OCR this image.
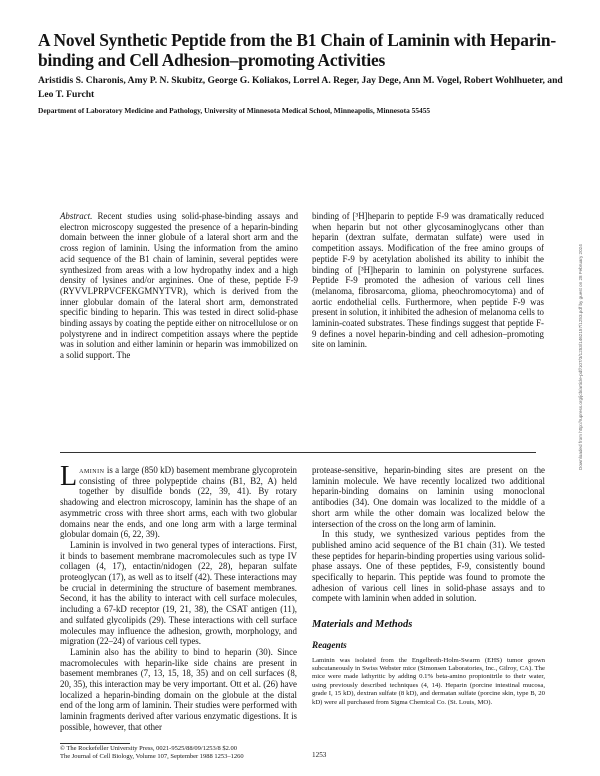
A Novel Synthetic Peptide from the B1 Chain of Laminin with Heparin-binding and Cell Adhesion–promoting Activities
Aristidis S. Charonis, Amy P. N. Skubitz, George G. Koliakos, Lorrel A. Reger, Jay Dege, Ann M. Vogel, Robert Wohlhueter, and Leo T. Furcht
Department of Laboratory Medicine and Pathology, University of Minnesota Medical School, Minneapolis, Minnesota 55455

Abstract. Recent studies using solid-phase-binding assays and electron microscopy suggested the presence of a heparin-binding domain between the inner globule of a lateral short arm and the cross region of laminin. Using the information from the amino acid sequence of the B1 chain of laminin, several peptides were synthesized from areas with a low hydropathy index and a high density of lysines and/or arginines. One of these, peptide F-9 (RYVVLPRPVCFEKGMNYTVR), which is derived from the inner globular domain of the lateral short arm, demonstrated specific binding to heparin. This was tested in direct solid-phase binding assays by coating the peptide either on nitrocellulose or on polystyrene and in indirect competition assays where the peptide was in solution and either laminin or heparin was immobilized on a solid support. The

binding of [³H]heparin to peptide F-9 was dramatically reduced when heparin but not other glycosaminoglycans other than heparin (dextran sulfate, dermatan sulfate) were used in competition assays. Modification of the free amino groups of peptide F-9 by acetylation abolished its ability to inhibit the binding of [³H]heparin to laminin on polystyrene surfaces. Peptide F-9 promoted the adhesion of various cell lines (melanoma, fibrosarcoma, glioma, pheochromocytoma) and of aortic endothelial cells. Furthermore, when peptide F-9 was present in solution, it inhibited the adhesion of melanoma cells to laminin-coated substrates. These findings suggest that peptide F-9 defines a novel heparin-binding and cell adhesion–promoting site on laminin.

Laminin is a large (850 kD) basement membrane glycoprotein consisting of three polypeptide chains (B1, B2, A) held together by disulfide bonds (22, 39, 41). By rotary shadowing and electron microscopy, laminin has the shape of an asymmetric cross with three short arms, each with two globular domains near the ends, and one long arm with a large terminal globular domain (6, 22, 39).

Laminin is involved in two general types of interactions. First, it binds to basement membrane macromolecules such as type IV collagen (4, 17), entactin/nidogen (22, 28), heparan sulfate proteoglycan (17), as well as to itself (42). These interactions may be crucial in determining the structure of basement membranes. Second, it has the ability to interact with cell surface molecules, including a 67-kD receptor (19, 21, 38), the CSAT antigen (11), and sulfated glycolipids (29). These interactions with cell surface molecules may influence the adhesion, growth, morphology, and migration (22–24) of various cell types.

Laminin also has the ability to bind to heparin (30). Since macromolecules with heparin-like side chains are present in basement membranes (7, 13, 15, 18, 35) and on cell surfaces (8, 20, 35), this interaction may be very important. Ott et al. (26) have localized a heparin-binding domain on the globule at the distal end of the long arm of laminin. Their studies were performed with laminin fragments derived after various enzymatic digestions. It is possible, however, that other

protease-sensitive, heparin-binding sites are present on the laminin molecule. We have recently localized two additional heparin-binding domains on laminin using monoclonal antibodies (34). One domain was localized to the middle of a short arm while the other domain was localized below the intersection of the cross on the long arm of laminin.

In this study, we synthesized various peptides from the published amino acid sequence of the B1 chain (31). We tested these peptides for heparin-binding properties using various solid-phase assays. One of these peptides, F-9, consistently bound specifically to heparin. This peptide was found to promote the adhesion of various cell lines in solid-phase assays and to compete with laminin when added in solution.

Materials and Methods

Reagents

Laminin was isolated from the Engelbreth-Holm-Swarm (EHS) tumor grown subcutaneously in Swiss Webster mice (Simonsen Laboratories, Inc., Gilroy, CA). The mice were made lathyritic by adding 0.1% beta-amino propionitrile to their water, using previously described techniques (4, 14). Heparin (porcine intestinal mucosa, grade I, 15 kD), dextran sulfate (8 kD), and dermatan sulfate (porcine skin, type B, 20 kD) were all purchased from Sigma Chemical Co. (St. Louis, MO).

© The Rockefeller University Press, 0021-9525/88/09/1253/8 $2.00
The Journal of Cell Biology, Volume 107, September 1988 1253–1260	1253
Downloaded from http://rupress.org/jcb/article-pdf/107/3/1253/1462157/1253.pdf by guest on 28 February 2024
